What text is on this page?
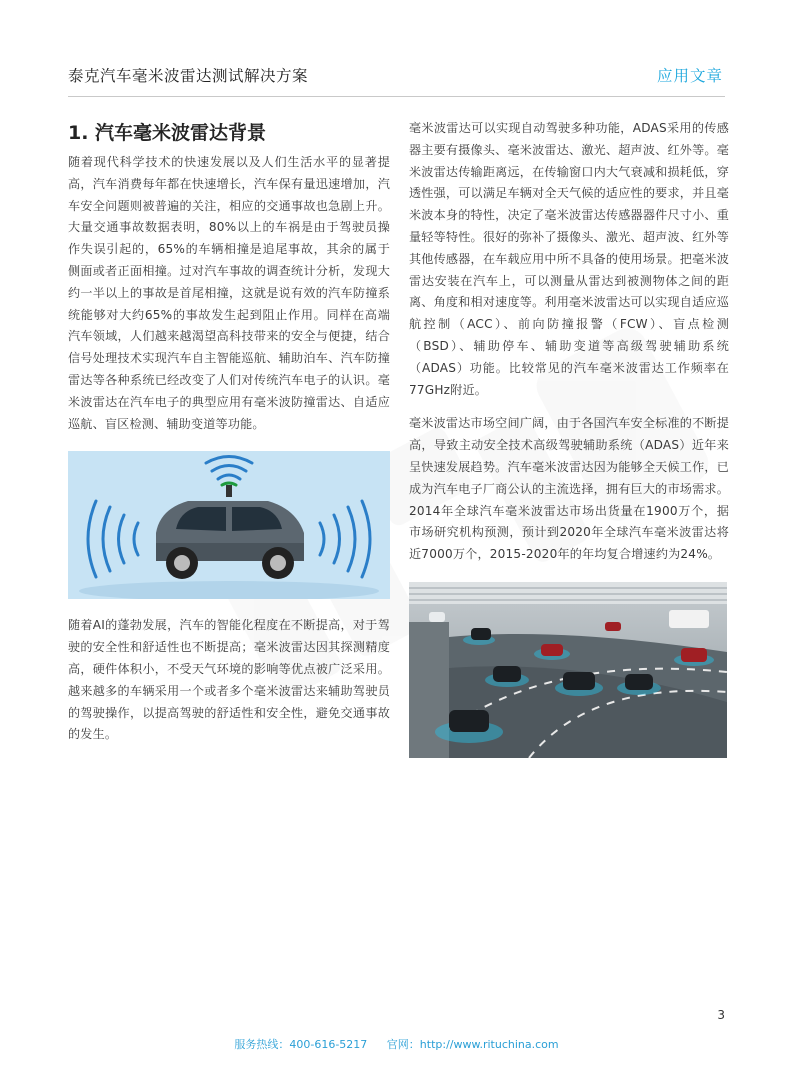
泰克汽车毫米波雷达测试解决方案	应用文章
1. 汽车毫米波雷达背景

随着现代科学技术的快速发展以及人们生活水平的显著提高，汽车消费每年都在快速增长，汽车保有量迅速增加，汽车安全问题则被普遍的关注，相应的交通事故也急剧上升。大量交通事故数据表明，80%以上的车祸是由于驾驶员操作失误引起的，65%的车辆相撞是追尾事故，其余的属于侧面或者正面相撞。过对汽车事故的调查统计分析，发现大约一半以上的事故是首尾相撞，这就是说有效的汽车防撞系统能够对大约65%的事故发生起到阻止作用。同样在高端汽车领域，人们越来越渴望高科技带来的安全与便捷，结合信号处理技术实现汽车自主智能巡航、辅助泊车、汽车防撞雷达等各种系统已经改变了人们对传统汽车电子的认识。毫米波雷达在汽车电子的典型应用有毫米波防撞雷达、自适应巡航、盲区检测、辅助变道等功能。

随着AI的蓬勃发展，汽车的智能化程度在不断提高，对于驾驶的安全性和舒适性也不断提高；毫米波雷达因其探测精度高，硬件体积小，不受天气环境的影响等优点被广泛采用。越来越多的车辆采用一个或者多个毫米波雷达来辅助驾驶员的驾驶操作，以提高驾驶的舒适性和安全性，避免交通事故的发生。

毫米波雷达可以实现自动驾驶多种功能，ADAS采用的传感器主要有摄像头、毫米波雷达、激光、超声波、红外等。毫米波雷达传输距离远，在传输窗口内大气衰减和损耗低，穿透性强，可以满足车辆对全天气候的适应性的要求，并且毫米波本身的特性，决定了毫米波雷达传感器器件尺寸小、重量轻等特性。很好的弥补了摄像头、激光、超声波、红外等其他传感器，在车载应用中所不具备的使用场景。把毫米波雷达安装在汽车上，可以测量从雷达到被测物体之间的距离、角度和相对速度等。利用毫米波雷达可以实现自适应巡航控制（ACC）、前向防撞报警（FCW）、盲点检测（BSD）、辅助停车、辅助变道等高级驾驶辅助系统（ADAS）功能。比较常见的汽车毫米波雷达工作频率在77GHz附近。

毫米波雷达市场空间广阔，由于各国汽车安全标准的不断提高，导致主动安全技术高级驾驶辅助系统（ADAS）近年来呈快速发展趋势。汽车毫米波雷达因为能够全天候工作，已成为汽车电子厂商公认的主流选择，拥有巨大的市场需求。2014年全球汽车毫米波雷达市场出货量在1900万个，据市场研究机构预测，预计到2020年全球汽车毫米波雷达将近7000万个，2015-2020年的年均复合增速约为24%。

3
服务热线：400-616-5217 官网：http://www.rituchina.com
